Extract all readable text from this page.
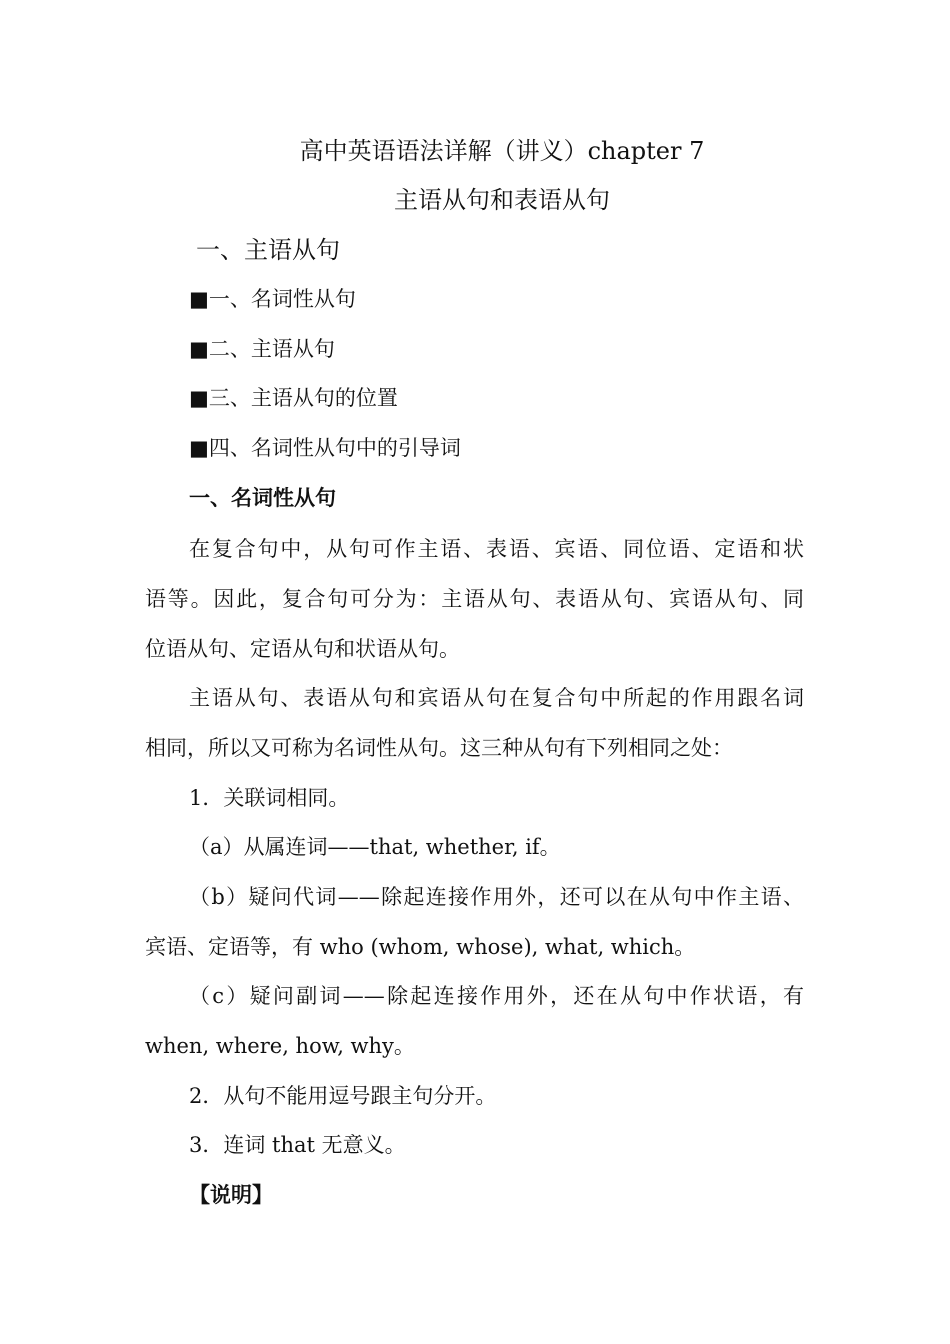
高中英语语法详解（讲义）chapter 7
主语从句和表语从句
一、主语从句
■一、名词性从句
■二、主语从句
■三、主语从句的位置
■四、名词性从句中的引导词
一、名词性从句
在复合句中，从句可作主语、表语、宾语、同位语、定语和状
语等。因此，复合句可分为：主语从句、表语从句、宾语从句、同
位语从句、定语从句和状语从句。
主语从句、表语从句和宾语从句在复合句中所起的作用跟名词
相同，所以又可称为名词性从句。这三种从句有下列相同之处：
1．关联词相同。
（a）从属连词——that, whether, if。
（b）疑问代词——除起连接作用外，还可以在从句中作主语、
宾语、定语等，有 who (whom, whose), what, which。
（c）疑问副词——除起连接作用外，还在从句中作状语，有
when, where, how, why。
2．从句不能用逗号跟主句分开。
3．连词 that 无意义。
【说明】
